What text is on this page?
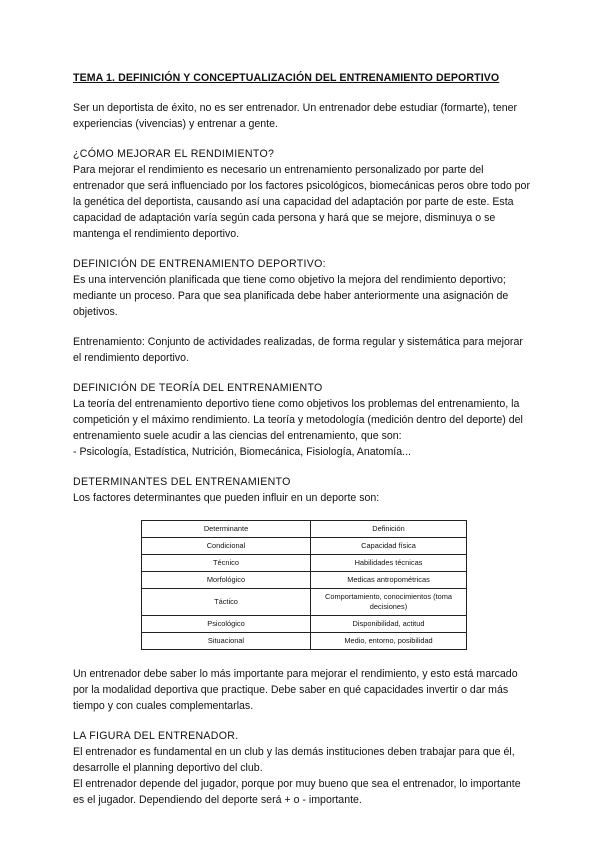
TEMA 1. DEFINICIÓN Y CONCEPTUALIZACIÓN DEL ENTRENAMIENTO DEPORTIVO

Ser un deportista de éxito, no es ser entrenador. Un entrenador debe estudiar (formarte), tener experiencias (vivencias) y entrenar a gente.

¿CÓMO MEJORAR EL RENDIMIENTO?

Para mejorar el rendimiento es necesario un entrenamiento personalizado por parte del entrenador que será influenciado por los factores psicológicos, biomecánicas peros obre todo por la genética del deportista, causando así una capacidad del adaptación por parte de este. Esta capacidad de adaptación varía según cada persona y hará que se mejore, disminuya o se mantenga el rendimiento deportivo.

DEFINICIÓN DE ENTRENAMIENTO DEPORTIVO:

Es una intervención planificada que tiene como objetivo la mejora del rendimiento deportivo; mediante un proceso. Para que sea planificada debe haber anteriormente una asignación de objetivos.

Entrenamiento: Conjunto de actividades realizadas, de forma regular y sistemática para mejorar el rendimiento deportivo.

DEFINICIÓN DE TEORÍA DEL ENTRENAMIENTO

La teoría del entrenamiento deportivo tiene como objetivos los problemas del entrenamiento, la competición y el máximo rendimiento. La teoría y metodología (medición dentro del deporte) del entrenamiento suele acudir a las ciencias del entrenamiento, que son:

- Psicología, Estadística, Nutrición, Biomecánica, Fisiología, Anatomía...

DETERMINANTES DEL ENTRENAMIENTO

Los factores determinantes que pueden influir en un deporte son:

Determinante	Definición
Condicional	Capacidad física
Técnico	Habilidades técnicas
Morfológico	Medicas antropométricas
Táctico	Comportamiento, conocimientos (toma decisiones)
Psicológico	Disponibilidad, actitud
Situacional	Medio, entorno, posibilidad

Un entrenador debe saber lo más importante para mejorar el rendimiento, y esto está marcado por la modalidad deportiva que practique. Debe saber en qué capacidades invertir o dar más tiempo y con cuales complementarlas.

LA FIGURA DEL ENTRENADOR.

El entrenador es fundamental en un club y las demás instituciones deben trabajar para que él, desarrolle el planning deportivo del club.

El entrenador depende del jugador, porque por muy bueno que sea el entrenador, lo importante es el jugador. Dependiendo del deporte será + o - importante.
